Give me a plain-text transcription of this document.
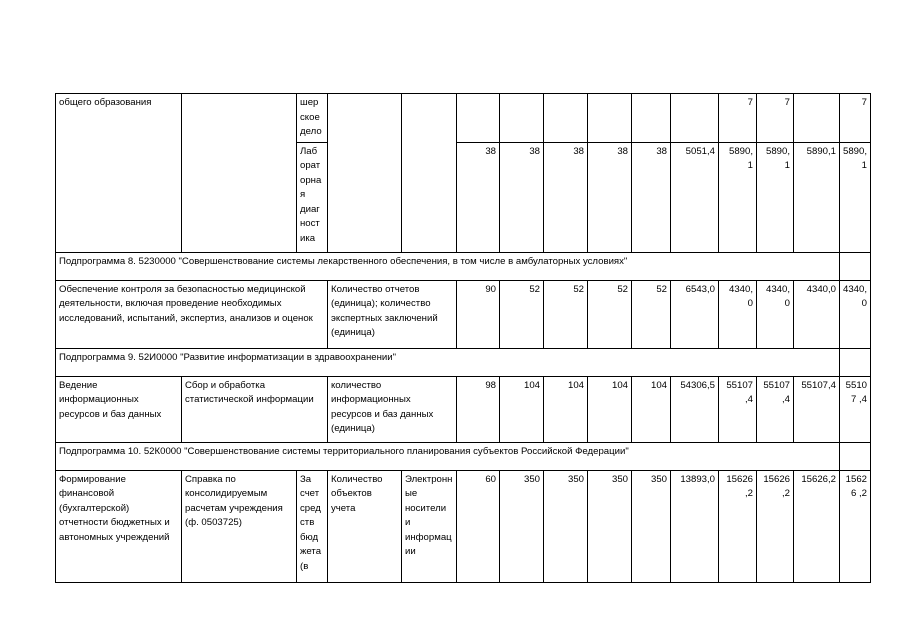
общего образования		шер ское дело									7	7		7
		Лаб орат орна я диаг ност ика			38	38	38	38	38	5051,4	5890, 1	5890, 1	5890,1	5890, 1
Подпрограмма 8. 5230000 "Совершенствование системы лекарственного обеспечения, в том числе в амбулаторных условиях"														
Обеспечение контроля за безопасностью медицинской деятельности, включая проведение необходимых исследований, испытаний, экспертиз, анализов и оценок			Количество отчетов (единица); количество экспертных заключений (единица)		90	52	52	52	52	6543,0	4340, 0	4340, 0	4340,0	4340, 0
Подпрограмма 9. 52И0000 "Развитие информатизации в здравоохранении"														
Ведение информационных ресурсов и баз данных	Сбор и обработка статистической информации		количество информационных ресурсов и баз данных (единица)		98	104	104	104	104	54306,5	55107 ,4	55107 ,4	55107,4	55107 ,4
Подпрограмма 10. 52К0000 "Совершенствование системы территориального планирования субъектов Российской Федерации"														
Формирование финансовой (бухгалтерской) отчетности бюджетных и автономных учреждений	Справка по консолидируемым расчетам учреждения (ф. 0503725)	За счет средств бюджета (в	Количество объектов учета	Электронные носители и информации	60	350	350	350	350	13893,0	15626 ,2	15626 ,2	15626,2	15626 ,2
